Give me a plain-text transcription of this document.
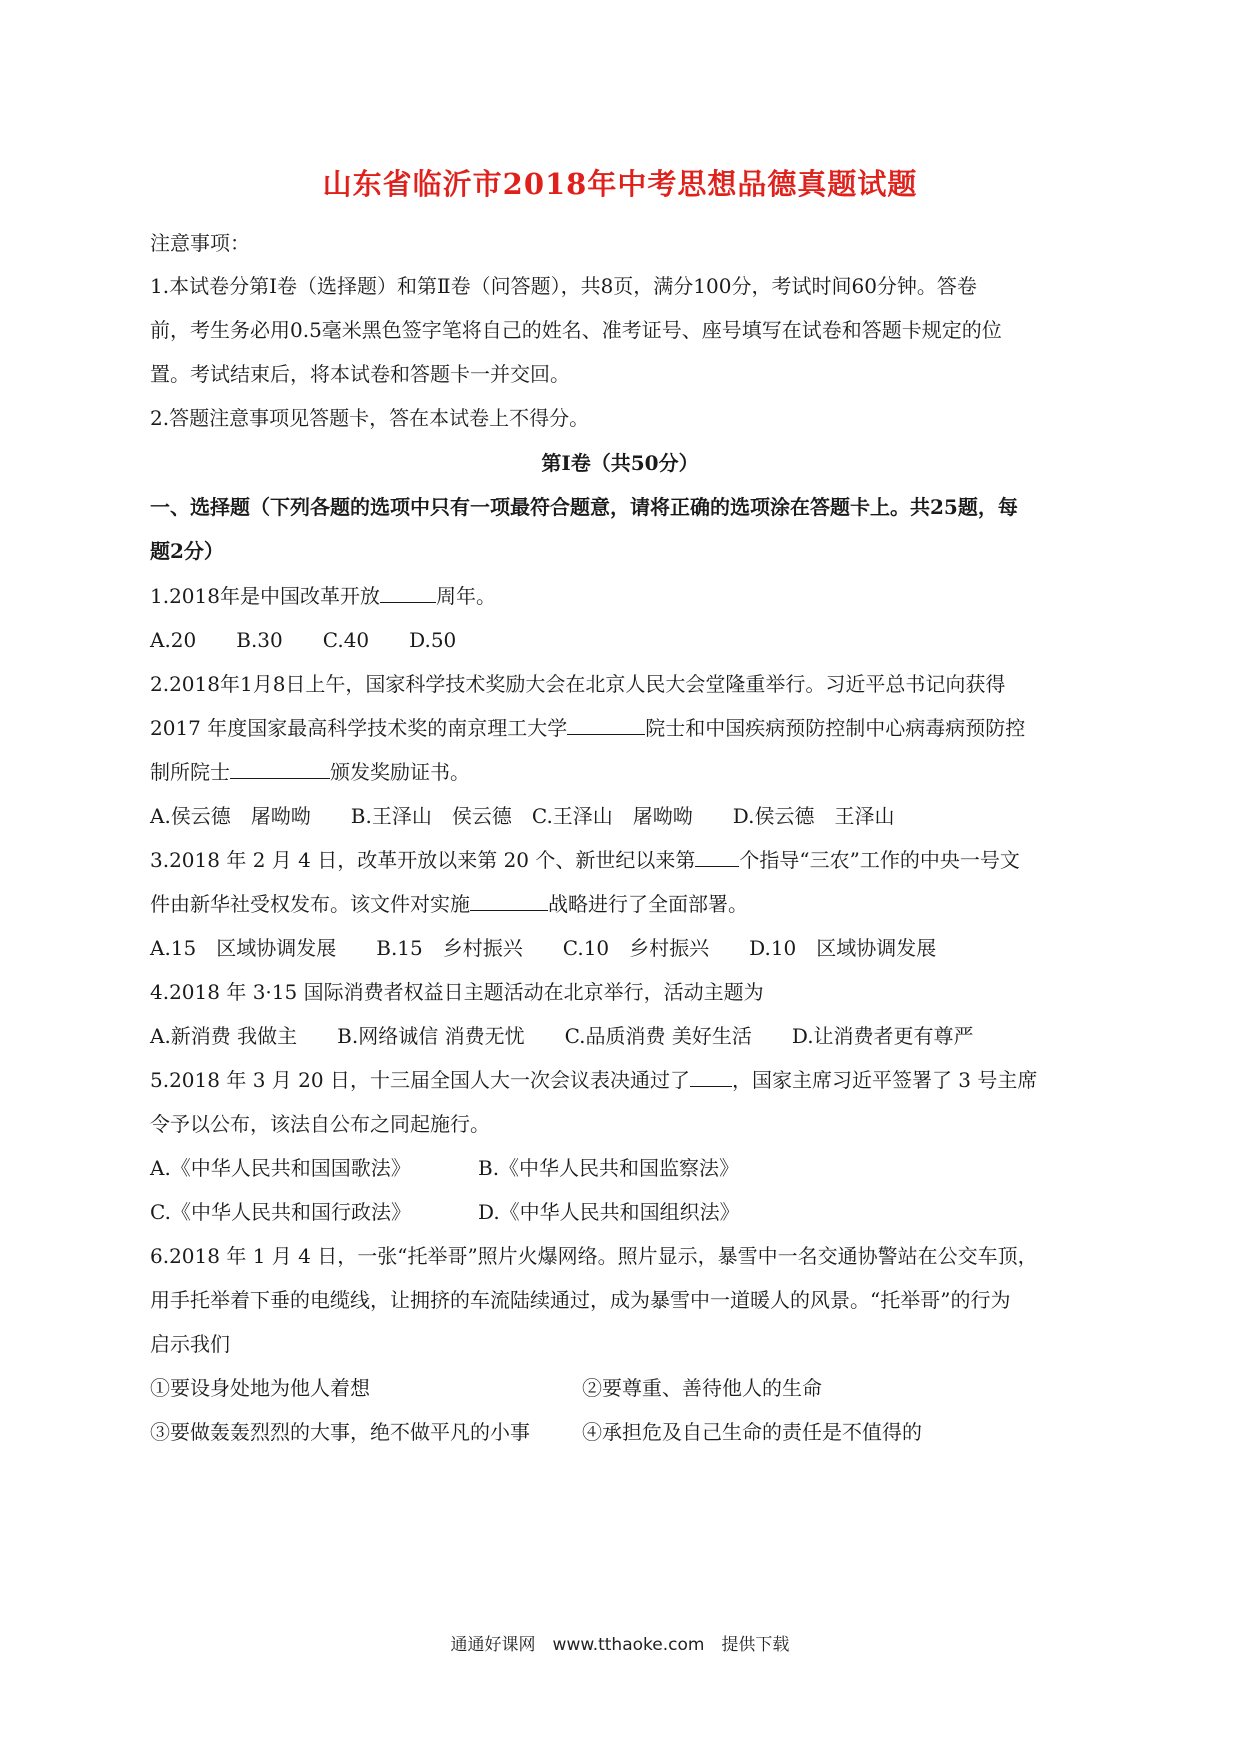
山东省临沂市2018年中考思想品德真题试题
注意事项：
1.本试卷分第Ⅰ卷（选择题）和第Ⅱ卷（问答题），共8页，满分100分，考试时间60分钟。答卷
前，考生务必用0.5毫米黑色签字笔将自己的姓名、准考证号、座号填写在试卷和答题卡规定的位
置。考试结束后，将本试卷和答题卡一并交回。
2.答题注意事项见答题卡，答在本试卷上不得分。
第Ⅰ卷（共50分）
一、选择题（下列各题的选项中只有一项最符合题意，请将正确的选项涂在答题卡上。共25题，每
题2分）
1.2018年是中国改革开放	周年。
A.20　　B.30　　C.40　　D.50
2.2018年1月8日上午，国家科学技术奖励大会在北京人民大会堂隆重举行。习近平总书记向获得
2017 年度国家最高科学技术奖的南京理工大学	院士和中国疾病预防控制中心病毒病预防控
制所院士	颁发奖励证书。
A.侯云德　屠呦呦　　B.王泽山　侯云德　C.王泽山　屠呦呦　　D.侯云德　王泽山
3.2018 年 2 月 4 日，改革开放以来第 20 个、新世纪以来第 个指导“三农”工作的中央一号文
件由新华社受权发布。该文件对实施	战略进行了全面部署。
A.15　区域协调发展　　B.15　乡村振兴　　C.10　乡村振兴　　D.10　区域协调发展
4.2018 年 3·15 国际消费者权益日主题活动在北京举行，活动主题为
A.新消费 我做主　　B.网络诚信 消费无忧　　C.品质消费 美好生活　　D.让消费者更有尊严
5.2018 年 3 月 20 日，十三届全国人大一次会议表决通过了 ，国家主席习近平签署了 3 号主席
令予以公布，该法自公布之同起施行。
A.《中华人民共和国国歌法》	B.《中华人民共和国监察法》
C.《中华人民共和国行政法》	D.《中华人民共和国组织法》
6.2018 年 1 月 4 日，一张“托举哥”照片火爆网络。照片显示，暴雪中一名交通协警站在公交车顶，
用手托举着下垂的电缆线，让拥挤的车流陆续通过，成为暴雪中一道暖人的风景。“托举哥”的行为
启示我们
①要设身处地为他人着想	②要尊重、善待他人的生命
③要做轰轰烈烈的大事，绝不做平凡的小事	④承担危及自己生命的责任是不值得的
通通好课网　www.tthaoke.com　提供下载
